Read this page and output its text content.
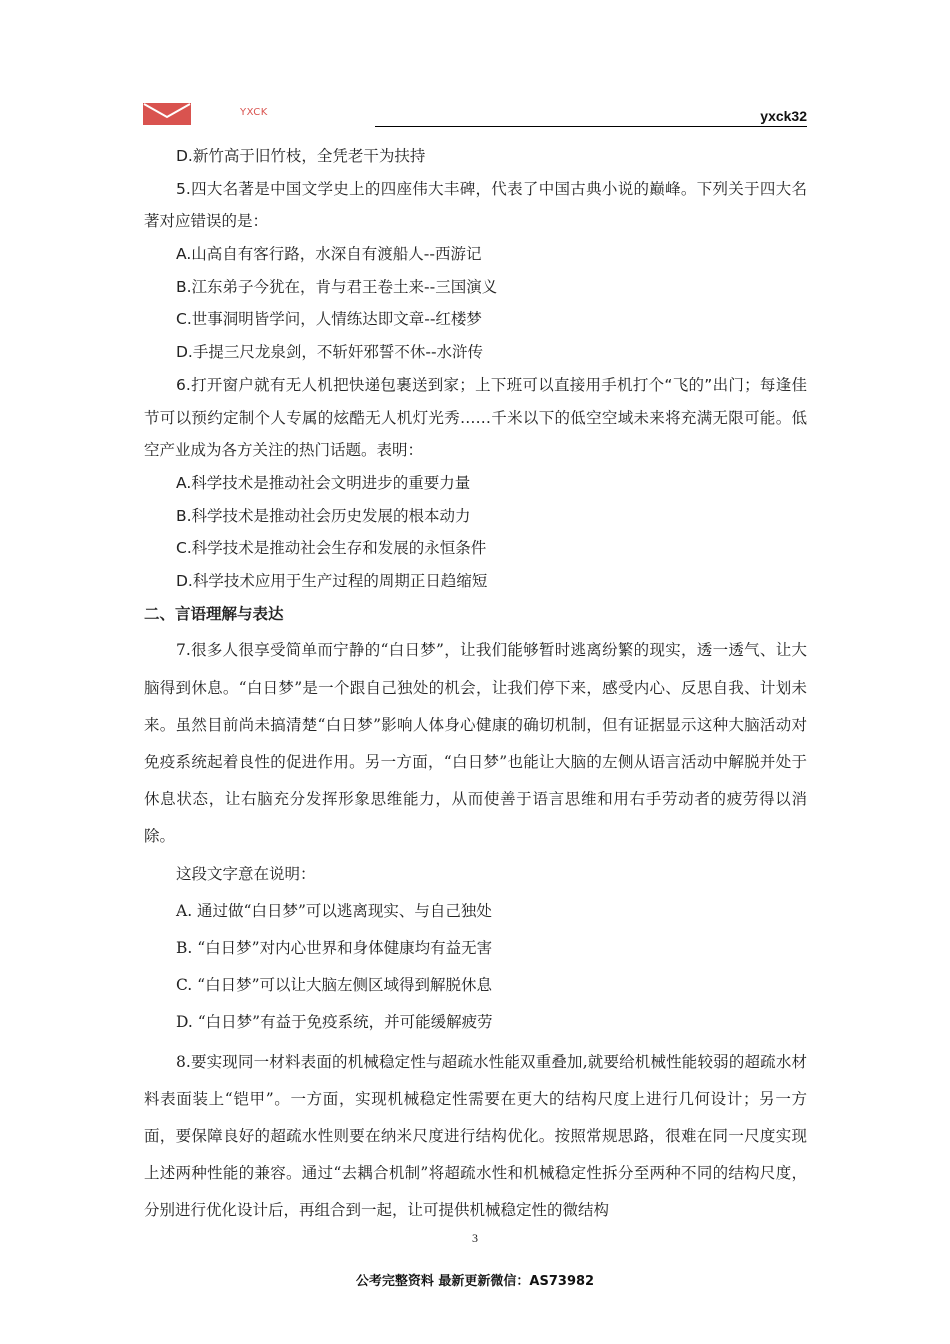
YXCK	yxck32

D.新竹高于旧竹枝，全凭老干为扶持

5.四大名著是中国文学史上的四座伟大丰碑，代表了中国古典小说的巅峰。下列关于四大名著对应错误的是：

A.山高自有客行路，水深自有渡船人--西游记

B.江东弟子今犹在，肯与君王卷土来--三国演义

C.世事洞明皆学问，人情练达即文章--红楼梦

D.手提三尺龙泉剑，不斩奸邪誓不休--水浒传

6.打开窗户就有无人机把快递包裹送到家；上下班可以直接用手机打个“飞的”出门；每逢佳节可以预约定制个人专属的炫酷无人机灯光秀……千米以下的低空空域未来将充满无限可能。低空产业成为各方关注的热门话题。表明：

A.科学技术是推动社会文明进步的重要力量

B.科学技术是推动社会历史发展的根本动力

C.科学技术是推动社会生存和发展的永恒条件

D.科学技术应用于生产过程的周期正日趋缩短

二、言语理解与表达

7.很多人很享受简单而宁静的“白日梦”，让我们能够暂时逃离纷繁的现实，透一透气、让大脑得到休息。“白日梦”是一个跟自己独处的机会，让我们停下来，感受内心、反思自我、计划未来。虽然目前尚未搞清楚“白日梦”影响人体身心健康的确切机制，但有证据显示这种大脑活动对免疫系统起着良性的促进作用。另一方面，“白日梦”也能让大脑的左侧从语言活动中解脱并处于休息状态，让右脑充分发挥形象思维能力，从而使善于语言思维和用右手劳动者的疲劳得以消除。

这段文字意在说明：

A. 通过做“白日梦”可以逃离现实、与自己独处

B. “白日梦”对内心世界和身体健康均有益无害

C. “白日梦”可以让大脑左侧区域得到解脱休息

D. “白日梦”有益于免疫系统，并可能缓解疲劳

8.要实现同一材料表面的机械稳定性与超疏水性能双重叠加,就要给机械性能较弱的超疏水材料表面装上“铠甲”。一方面，实现机械稳定性需要在更大的结构尺度上进行几何设计；另一方面，要保障良好的超疏水性则要在纳米尺度进行结构优化。按照常规思路，很难在同一尺度实现上述两种性能的兼容。通过“去耦合机制”将超疏水性和机械稳定性拆分至两种不同的结构尺度，分别进行优化设计后，再组合到一起，让可提供机械稳定性的微结构

3
公考完整资料 最新更新微信：AS73982
